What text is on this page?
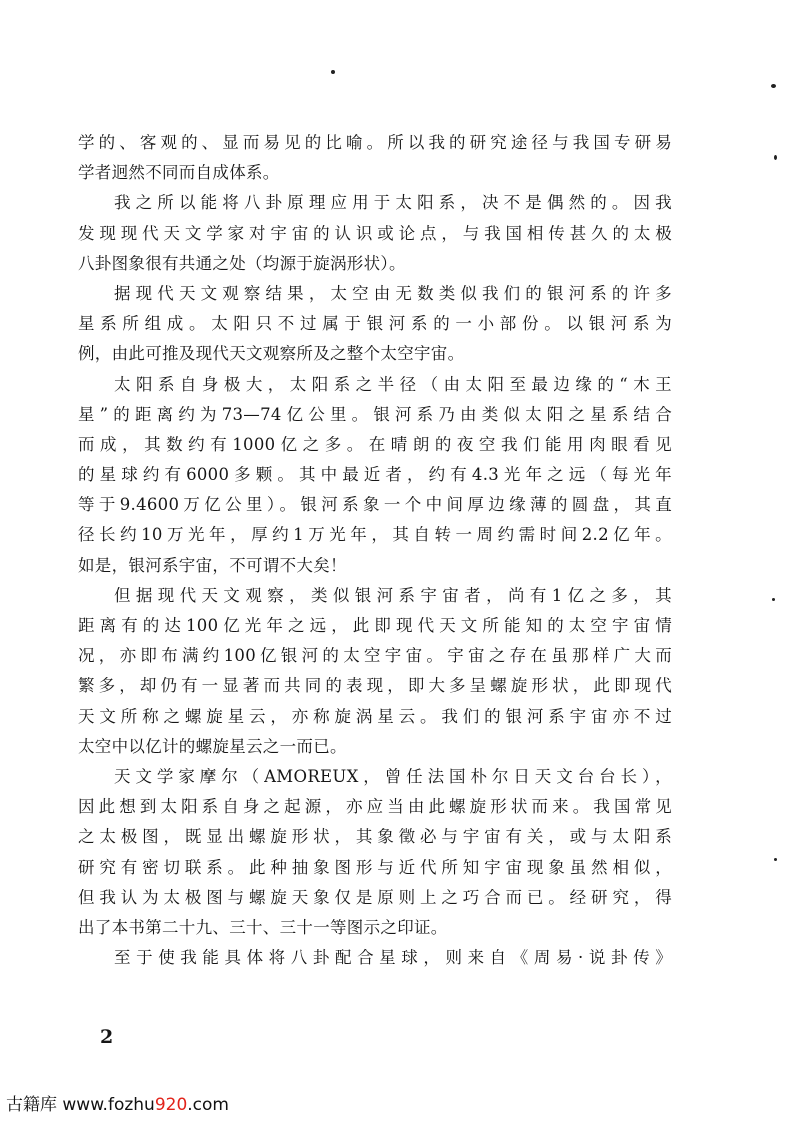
学的、客观的、显而易见的比喻。所以我的研究途径与我国专研易
学者迥然不同而自成体系。
我之所以能将八卦原理应用于太阳系，决不是偶然的。因我
发现现代天文学家对宇宙的认识或论点，与我国相传甚久的太极
八卦图象很有共通之处（均源于旋涡形状）。
据现代天文观察结果，太空由无数类似我们的银河系的许多
星系所组成。太阳只不过属于银河系的一小部份。以银河系为
例，由此可推及现代天文观察所及之整个太空宇宙。
太阳系自身极大，太阳系之半径（由太阳至最边缘的“木王
星”的距离约为73—74亿公里。银河系乃由类似太阳之星系结合
而成，其数约有1000亿之多。在晴朗的夜空我们能用肉眼看见
的星球约有6000多颗。其中最近者，约有4.3光年之远（每光年
等于9.4600万亿公里）。银河系象一个中间厚边缘薄的圆盘，其直
径长约10万光年，厚约1万光年，其自转一周约需时间2.2亿年。
如是，银河系宇宙，不可谓不大矣！
但据现代天文观察，类似银河系宇宙者，尚有1亿之多，其
距离有的达100亿光年之远，此即现代天文所能知的太空宇宙情
况，亦即布满约100亿银河的太空宇宙。宇宙之存在虽那样广大而
繁多，却仍有一显著而共同的表现，即大多呈螺旋形状，此即现代
天文所称之螺旋星云，亦称旋涡星云。我们的银河系宇宙亦不过
太空中以亿计的螺旋星云之一而已。
天文学家摩尔（AMOREUX，曾任法国朴尔日天文台台长），
因此想到太阳系自身之起源，亦应当由此螺旋形状而来。我国常见
之太极图，既显出螺旋形状，其象徵必与宇宙有关，或与太阳系
研究有密切联系。此种抽象图形与近代所知宇宙现象虽然相似，
但我认为太极图与螺旋天象仅是原则上之巧合而已。经研究，得
出了本书第二十九、三十、三十一等图示之印证。
至于使我能具体将八卦配合星球，则来自《周易·说卦传》
2
古籍库 www.fozhu920.com
